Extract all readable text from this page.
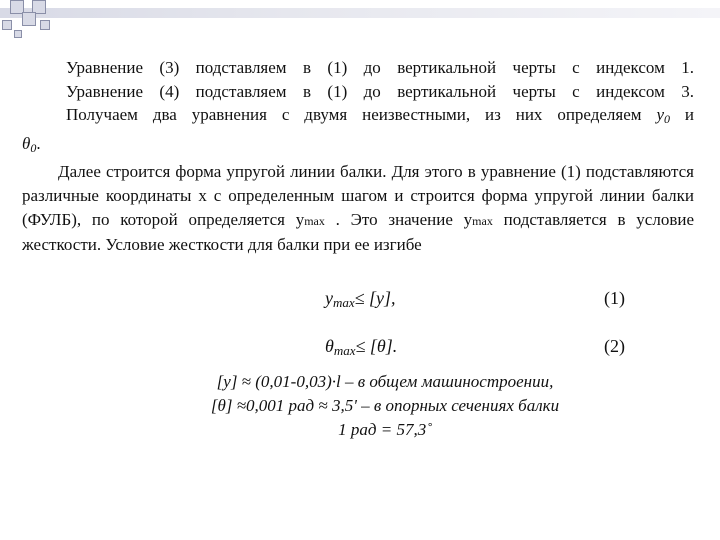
Уравнение (3) подставляем в (1) до вертикальной черты с индексом 1.

Уравнение (4) подставляем в (1) до вертикальной черты с индексом 3.

Получаем два уравнения с двумя неизвестными, из них определяем $y_0$ и

$\theta_0$.

Далее строится форма упругой линии балки. Для этого в уравнение (1) подставляются различные координаты x с определенным шагом и строится форма упругой линии балки (ФУЛБ), по которой определяется ymax . Это значение ymax подставляется в условие жесткости. Условие жесткости для балки при ее изгибе

$y_{max}\le [y]$,	(1)
$\theta_{max}\le [\theta]$.	(2)
[y] ≈ (0,01-0,03)·l – в общем машиностроении,
[θ] ≈0,001 рад ≈ 3,5' – в опорных сечениях балки
1 рад = 57,3˚
